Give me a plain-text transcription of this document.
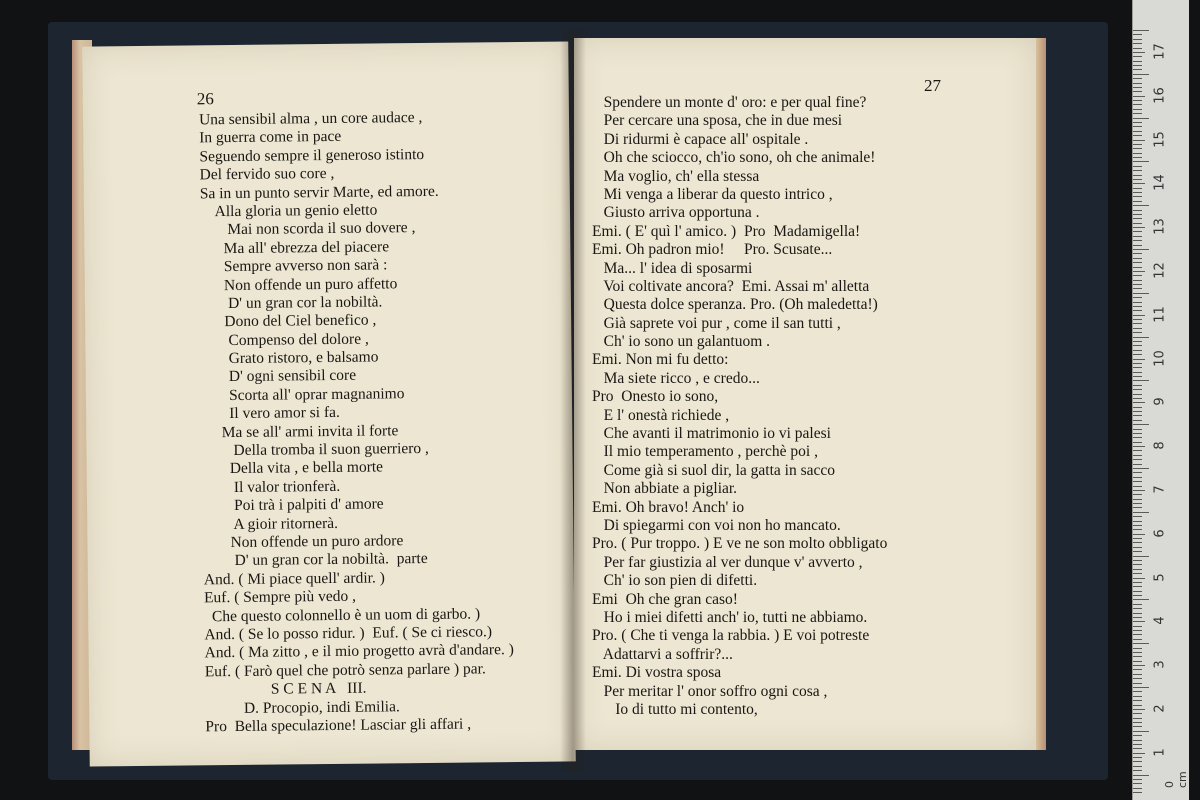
26
Una sensibil alma , un core audace ,
In guerra come in pace
Seguendo sempre il generoso istinto
Del fervido suo core ,
Sa in un punto servir Marte, ed amore.
Alla gloria un genio eletto
Mai non scorda il suo dovere ,
Ma all' ebrezza del piacere
Sempre avverso non sarà :
Non offende un puro affetto
D' un gran cor la nobiltà.
Dono del Ciel benefico ,
Compenso del dolore ,
Grato ristoro, e balsamo
D' ogni sensibil core
Scorta all' oprar magnanimo
Il vero amor si fa.
Ma se all' armi invita il forte
Della tromba il suon guerriero ,
Della vita , e bella morte
Il valor trionferà.
Poi trà i palpiti d' amore
A gioir ritornerà.
Non offende un puro ardore
D' un gran cor la nobiltà.  parte
And. ( Mi piace quell' ardir. )
Euf. ( Sempre più vedo ,
Che questo colonnello è un uom di garbo. )
And. ( Se lo posso ridur. )  Euf. ( Se ci riesco.)
And. ( Ma zitto , e il mio progetto avrà d'andare. )
Euf. ( Farò quel che potrò senza parlare ) par.
S C E N A   III.
D. Procopio, indi Emilia.
Pro  Bella speculazione! Lasciar gli affari ,
27
Spendere un monte d' oro: e per qual fine?
Per cercare una sposa, che in due mesi
Di ridurmi è capace all' ospitale .
Oh che sciocco, ch'io sono, oh che animale!
Ma voglio, ch' ella stessa
Mi venga a liberar da questo intrico ,
Giusto arriva opportuna .
Emi. ( E' quì l' amico. )  Pro  Madamigella!
Emi. Oh padron mio!     Pro. Scusate...
Ma... l' idea di sposarmi
Voi coltivate ancora?  Emi. Assai m' alletta
Questa dolce speranza. Pro. (Oh maledetta!)
Già saprete voi pur , come il san tutti ,
Ch' io sono un galantuom .
Emi. Non mi fu detto:
Ma siete ricco , e credo...
Pro  Onesto io sono,
E l' onestà richiede ,
Che avanti il matrimonio io vi palesi
Il mio temperamento , perchè poi ,
Come già si suol dir, la gatta in sacco
Non abbiate a pigliar.
Emi. Oh bravo! Anch' io
Di spiegarmi con voi non ho mancato.
Pro. ( Pur troppo. ) E ve ne son molto obbligato
Per far giustizia al ver dunque v' avverto ,
Ch' io son pien di difetti.
Emi  Oh che gran caso!
Ho i miei difetti anch' io, tutti ne abbiamo.
Pro. ( Che ti venga la rabbia. ) E voi potreste
Adattarvi a soffrir?...
Emi. Di vostra sposa
Per meritar l' onor soffro ogni cosa ,
Io di tutto mi contento,
0 cm
17
16
15
14
13
12
11
10
9
8
7
6
5
4
3
2
1
